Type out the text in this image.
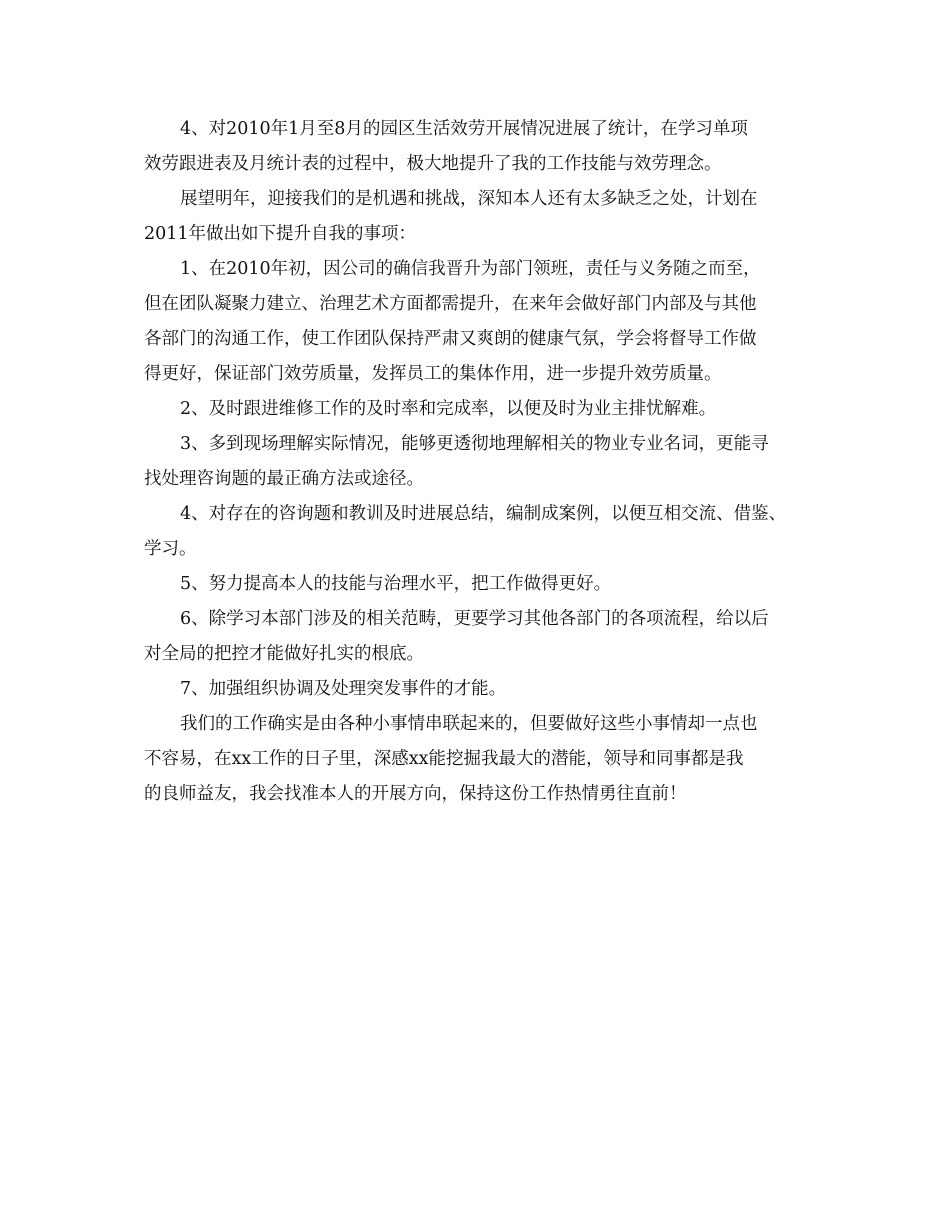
4、对2010年1月至8月的园区生活效劳开展情况进展了统计，在学习单项
效劳跟进表及月统计表的过程中，极大地提升了我的工作技能与效劳理念。

展望明年，迎接我们的是机遇和挑战，深知本人还有太多缺乏之处，计划在
2011年做出如下提升自我的事项：

1、在2010年初，因公司的确信我晋升为部门领班，责任与义务随之而至，
但在团队凝聚力建立、治理艺术方面都需提升，在来年会做好部门内部及与其他
各部门的沟通工作，使工作团队保持严肃又爽朗的健康气氛，学会将督导工作做
得更好，保证部门效劳质量，发挥员工的集体作用，进一步提升效劳质量。

2、及时跟进维修工作的及时率和完成率，以便及时为业主排忧解难。

3、多到现场理解实际情况，能够更透彻地理解相关的物业专业名词，更能寻
找处理咨询题的最正确方法或途径。

4、对存在的咨询题和教训及时进展总结，编制成案例，以便互相交流、借鉴、
学习。

5、努力提高本人的技能与治理水平，把工作做得更好。

6、除学习本部门涉及的相关范畴，更要学习其他各部门的各项流程，给以后
对全局的把控才能做好扎实的根底。

7、加强组织协调及处理突发事件的才能。

我们的工作确实是由各种小事情串联起来的，但要做好这些小事情却一点也
不容易，在xx工作的日子里，深感xx能挖掘我最大的潜能，领导和同事都是我
的良师益友，我会找准本人的开展方向，保持这份工作热情勇往直前！
